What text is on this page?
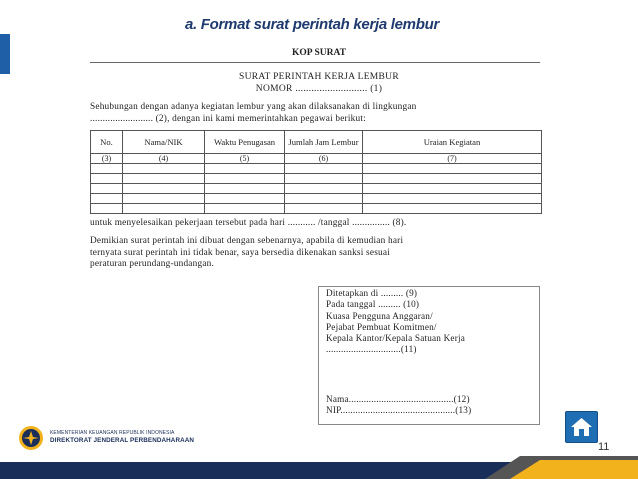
a. Format surat perintah kerja lembur
KOP SURAT
SURAT PERINTAH KERJA LEMBUR
NOMOR ........................... (1)
Sehubungan dengan adanya kegiatan lembur yang akan dilaksanakan di lingkungan
......................... (2), dengan ini kami memerintahkan pegawai berikut:
No.	Nama/NIK	Waktu Penugasan	Jumlah Jam Lembur	Uraian Kegiatan
(3)	(4)	(5)	(6)	(7)

untuk menyelesaikan pekerjaan tersebut pada hari ........... /tanggal ............... (8).
Demikian surat perintah ini dibuat dengan sebenarnya, apabila di kemudian hari
ternyata surat perintah ini tidak benar, saya bersedia dikenakan sanksi sesuai
peraturan perundang-undangan.
Ditetapkan di ......... (9)
Pada tanggal ......... (10)
Kuasa Pengguna Anggaran/
Pejabat Pembuat Komitmen/
Kepala Kantor/Kepala Satuan Kerja
..............................(11)
Nama..........................................(12)
NIP..............................................(13)
KEMENTERIAN KEUANGAN REPUBLIK INDONESIA
DIREKTORAT JENDERAL PERBENDAHARAAN
11
